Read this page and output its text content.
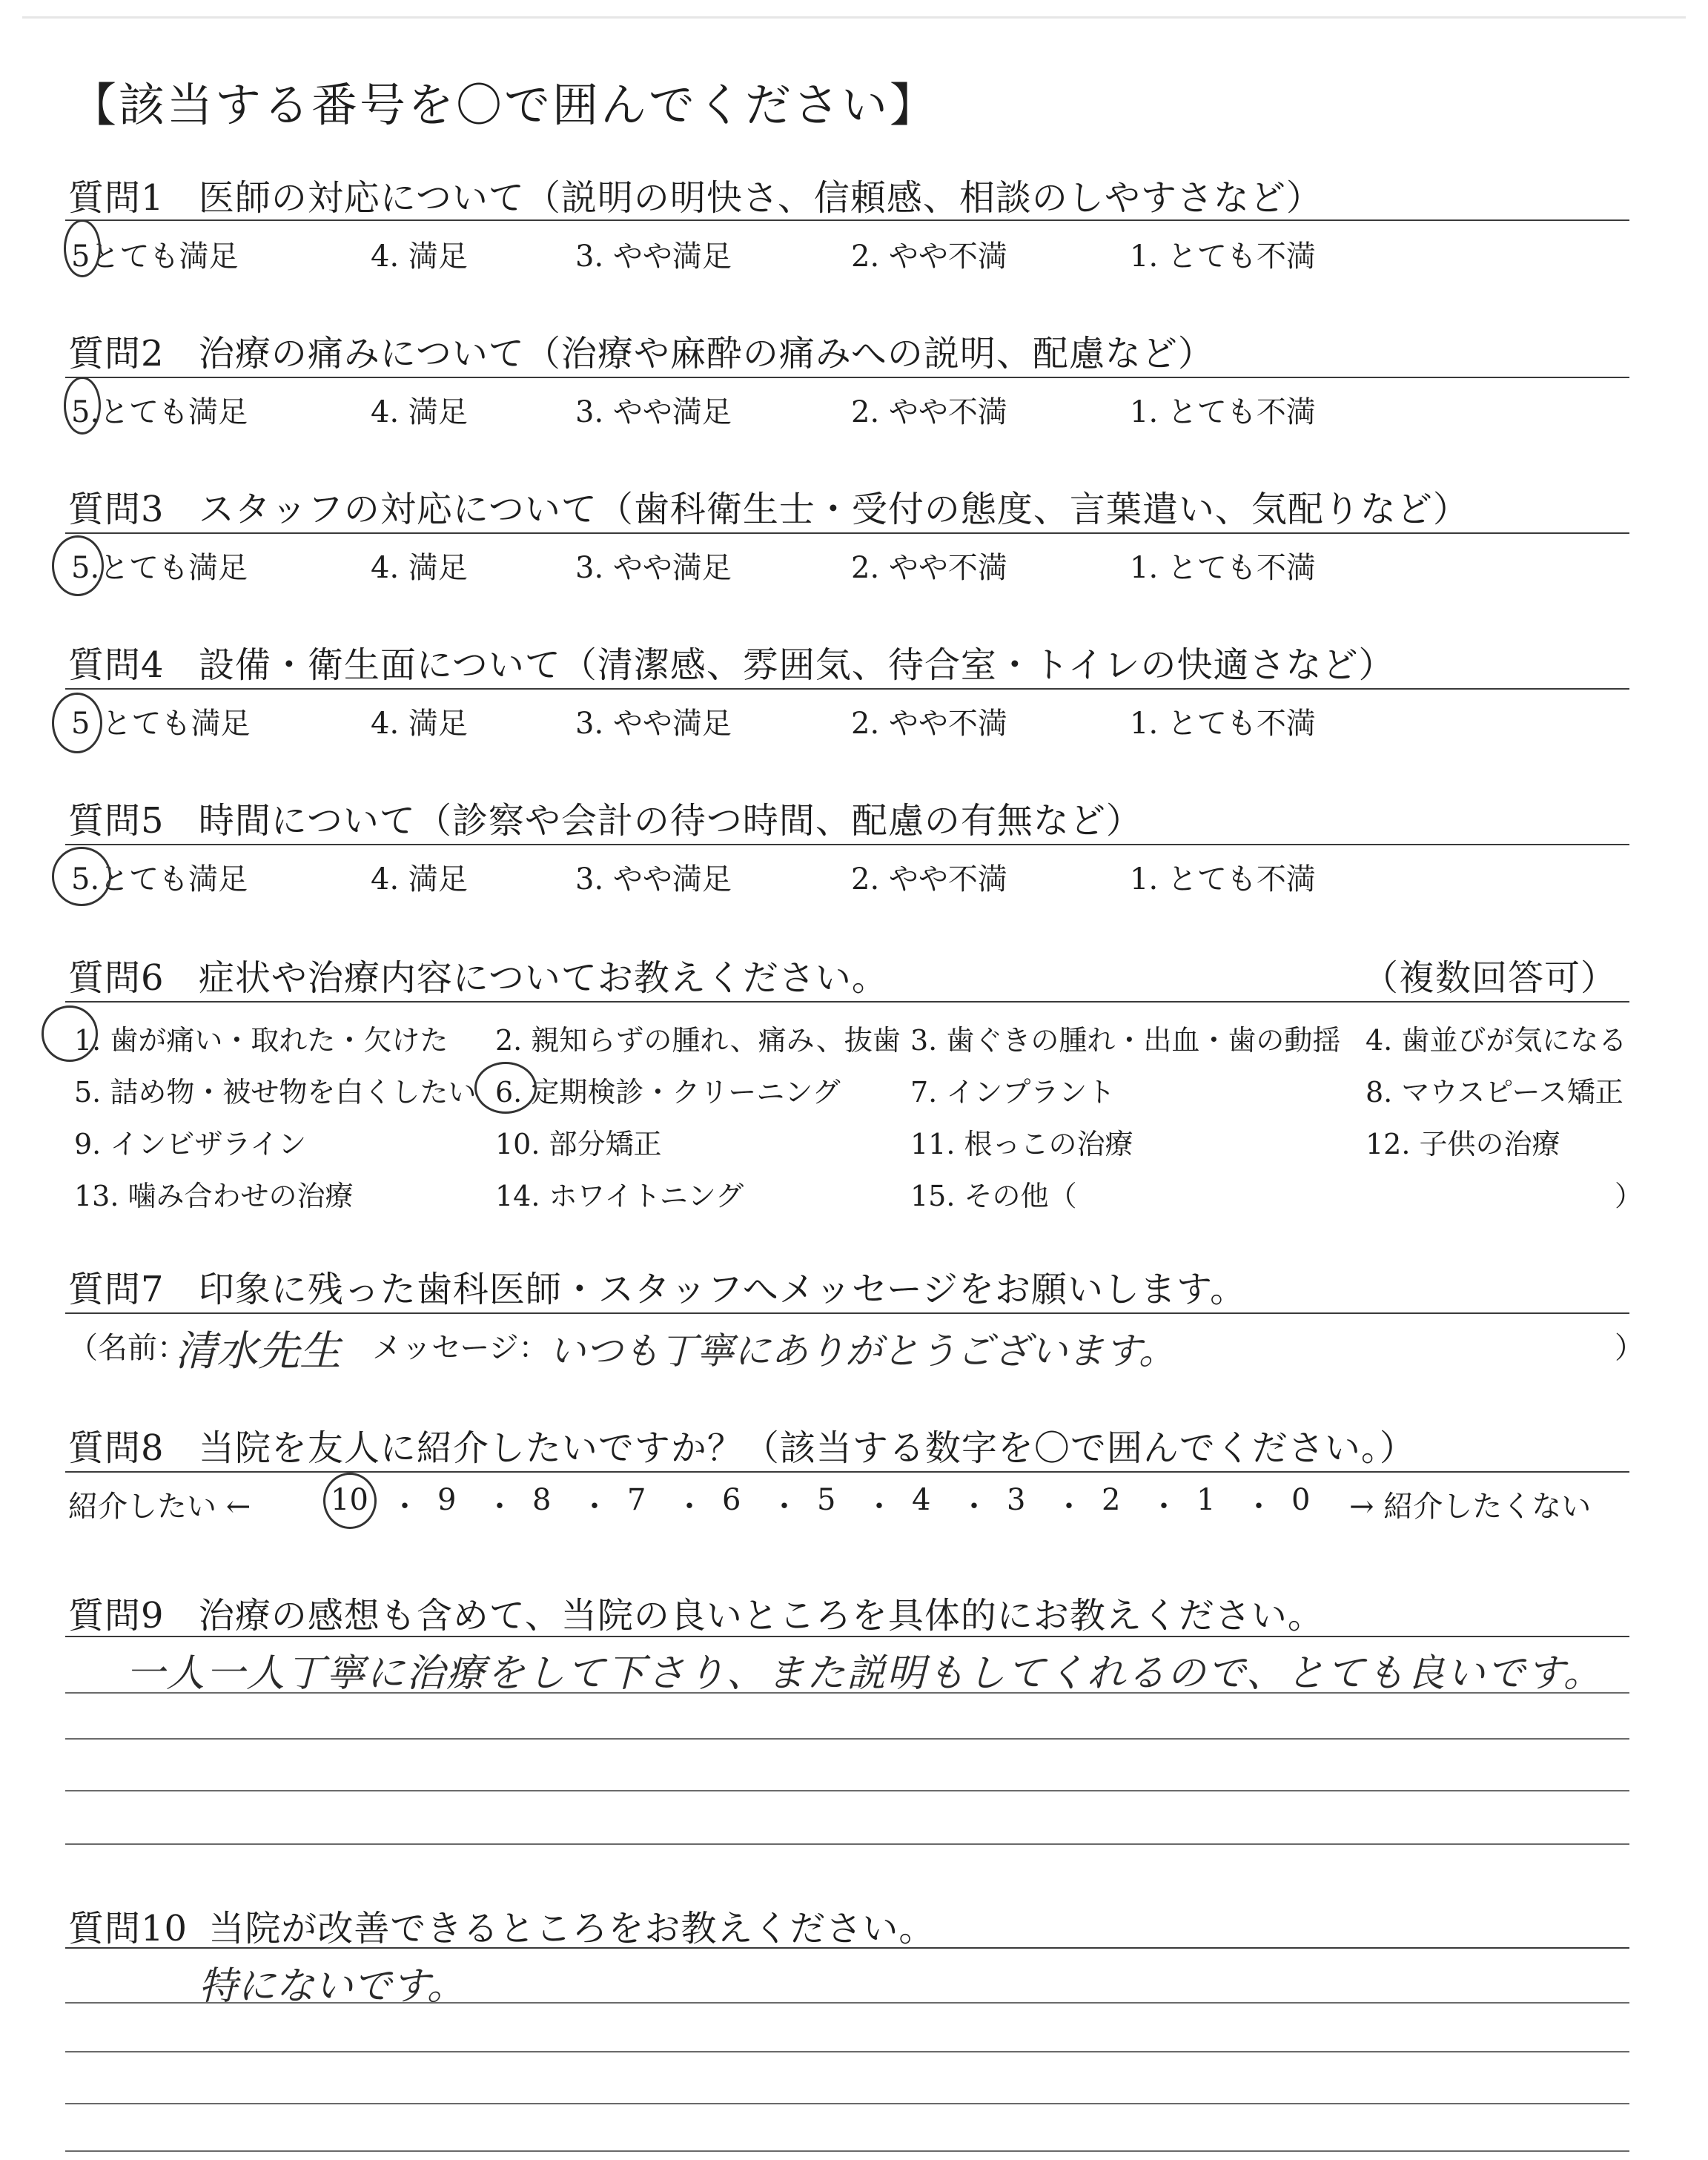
【該当する番号を〇で囲んでください】
質問1 医師の対応について（説明の明快さ、信頼感、相談のしやすさなど）
5とても満足	4. 満足	3. やや満足	2. やや不満	1. とても不満
質問2 治療の痛みについて（治療や麻酔の痛みへの説明、配慮など）
5.とても満足	4. 満足	3. やや満足	2. やや不満	1. とても不満
質問3 スタッフの対応について（歯科衛生士・受付の態度、言葉遣い、気配りなど）
5.とても満足	4. 満足	3. やや満足	2. やや不満	1. とても不満
質問4 設備・衛生面について（清潔感、雰囲気、待合室・トイレの快適さなど）
5 とても満足	4. 満足	3. やや満足	2. やや不満	1. とても不満
質問5 時間について（診察や会計の待つ時間、配慮の有無など）
5.とても満足	4. 満足	3. やや満足	2. やや不満	1. とても不満
質問6 症状や治療内容についてお教えください。	（複数回答可）
1. 歯が痛い・取れた・欠けた 2. 親知らずの腫れ、痛み、抜歯 3. 歯ぐきの腫れ・出血・歯の動揺 4. 歯並びが気になる
5. 詰め物・被せ物を白くしたい 6. 定期検診・クリーニング 7. インプラント	8. マウスピース矯正
9. インビザライン	10. 部分矯正	11. 根っこの治療	12. 子供の治療
13. 噛み合わせの治療	14. ホワイトニング	15. その他（	）
質問7 印象に残った歯科医師・スタッフへメッセージをお願いします。
（名前：
清水先生 メッセージ： いつも丁寧にありがとうございます。	）
質問8 当院を友人に紹介したいですか？（該当する数字を〇で囲んでください。）
紹介したい ←	→ 紹介したくない
10 ・ 9 ・ 8 ・ 7 ・ 6 ・ 5 ・ 4 ・ 3 ・ 2 ・ 1 ・ 0
質問9 治療の感想も含めて、当院の良いところを具体的にお教えください。
一人一人丁寧に治療をして下さり、また説明もしてくれるので、とても良いです。
質問10 当院が改善できるところをお教えください。
特にないです。
